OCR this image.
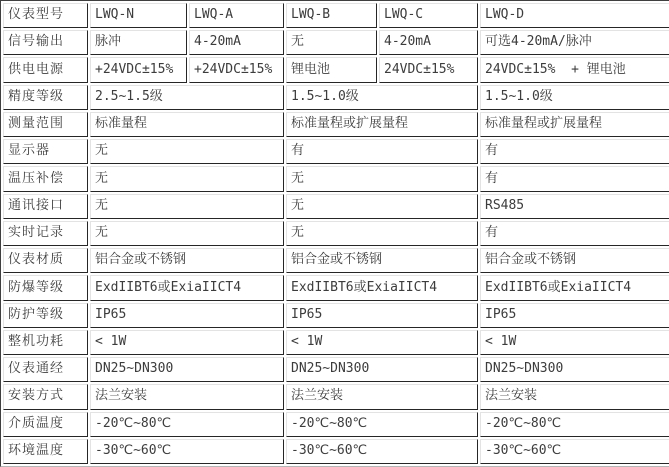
仪表型号	LWQ-N	LWQ-A	LWQ-B	LWQ-C	LWQ-D
信号输出	脉冲	4-20mA	无	4-20mA	可选4-20mA/脉冲
供电电源	+24VDC±15%	+24VDC±15%	锂电池	24VDC±15%	24VDC±15%  + 锂电池
精度等级	2.5~1.5级		1.5~1.0级		1.5~1.0级
测量范围	标准量程		标准量程或扩展量程		标准量程或扩展量程
显示器	无		有		有
温压补偿	无		无		有
通讯接口	无		无		RS485
实时记录	无		无		有
仪表材质	铝合金或不锈钢		铝合金或不锈钢		铝合金或不锈钢
防爆等级	ExdIIBT6或ExiaIICT4		ExdIIBT6或ExiaIICT4		ExdIIBT6或ExiaIICT4
防护等级	IP65		IP65		IP65
整机功耗	< 1W		< 1W		< 1W
仪表通经	DN25~DN300		DN25~DN300		DN25~DN300
安装方式	法兰安装		法兰安装		法兰安装
介质温度	-20℃~80℃		-20℃~80℃		-20℃~80℃
环境温度	-30℃~60℃		-30℃~60℃		-30℃~60℃
